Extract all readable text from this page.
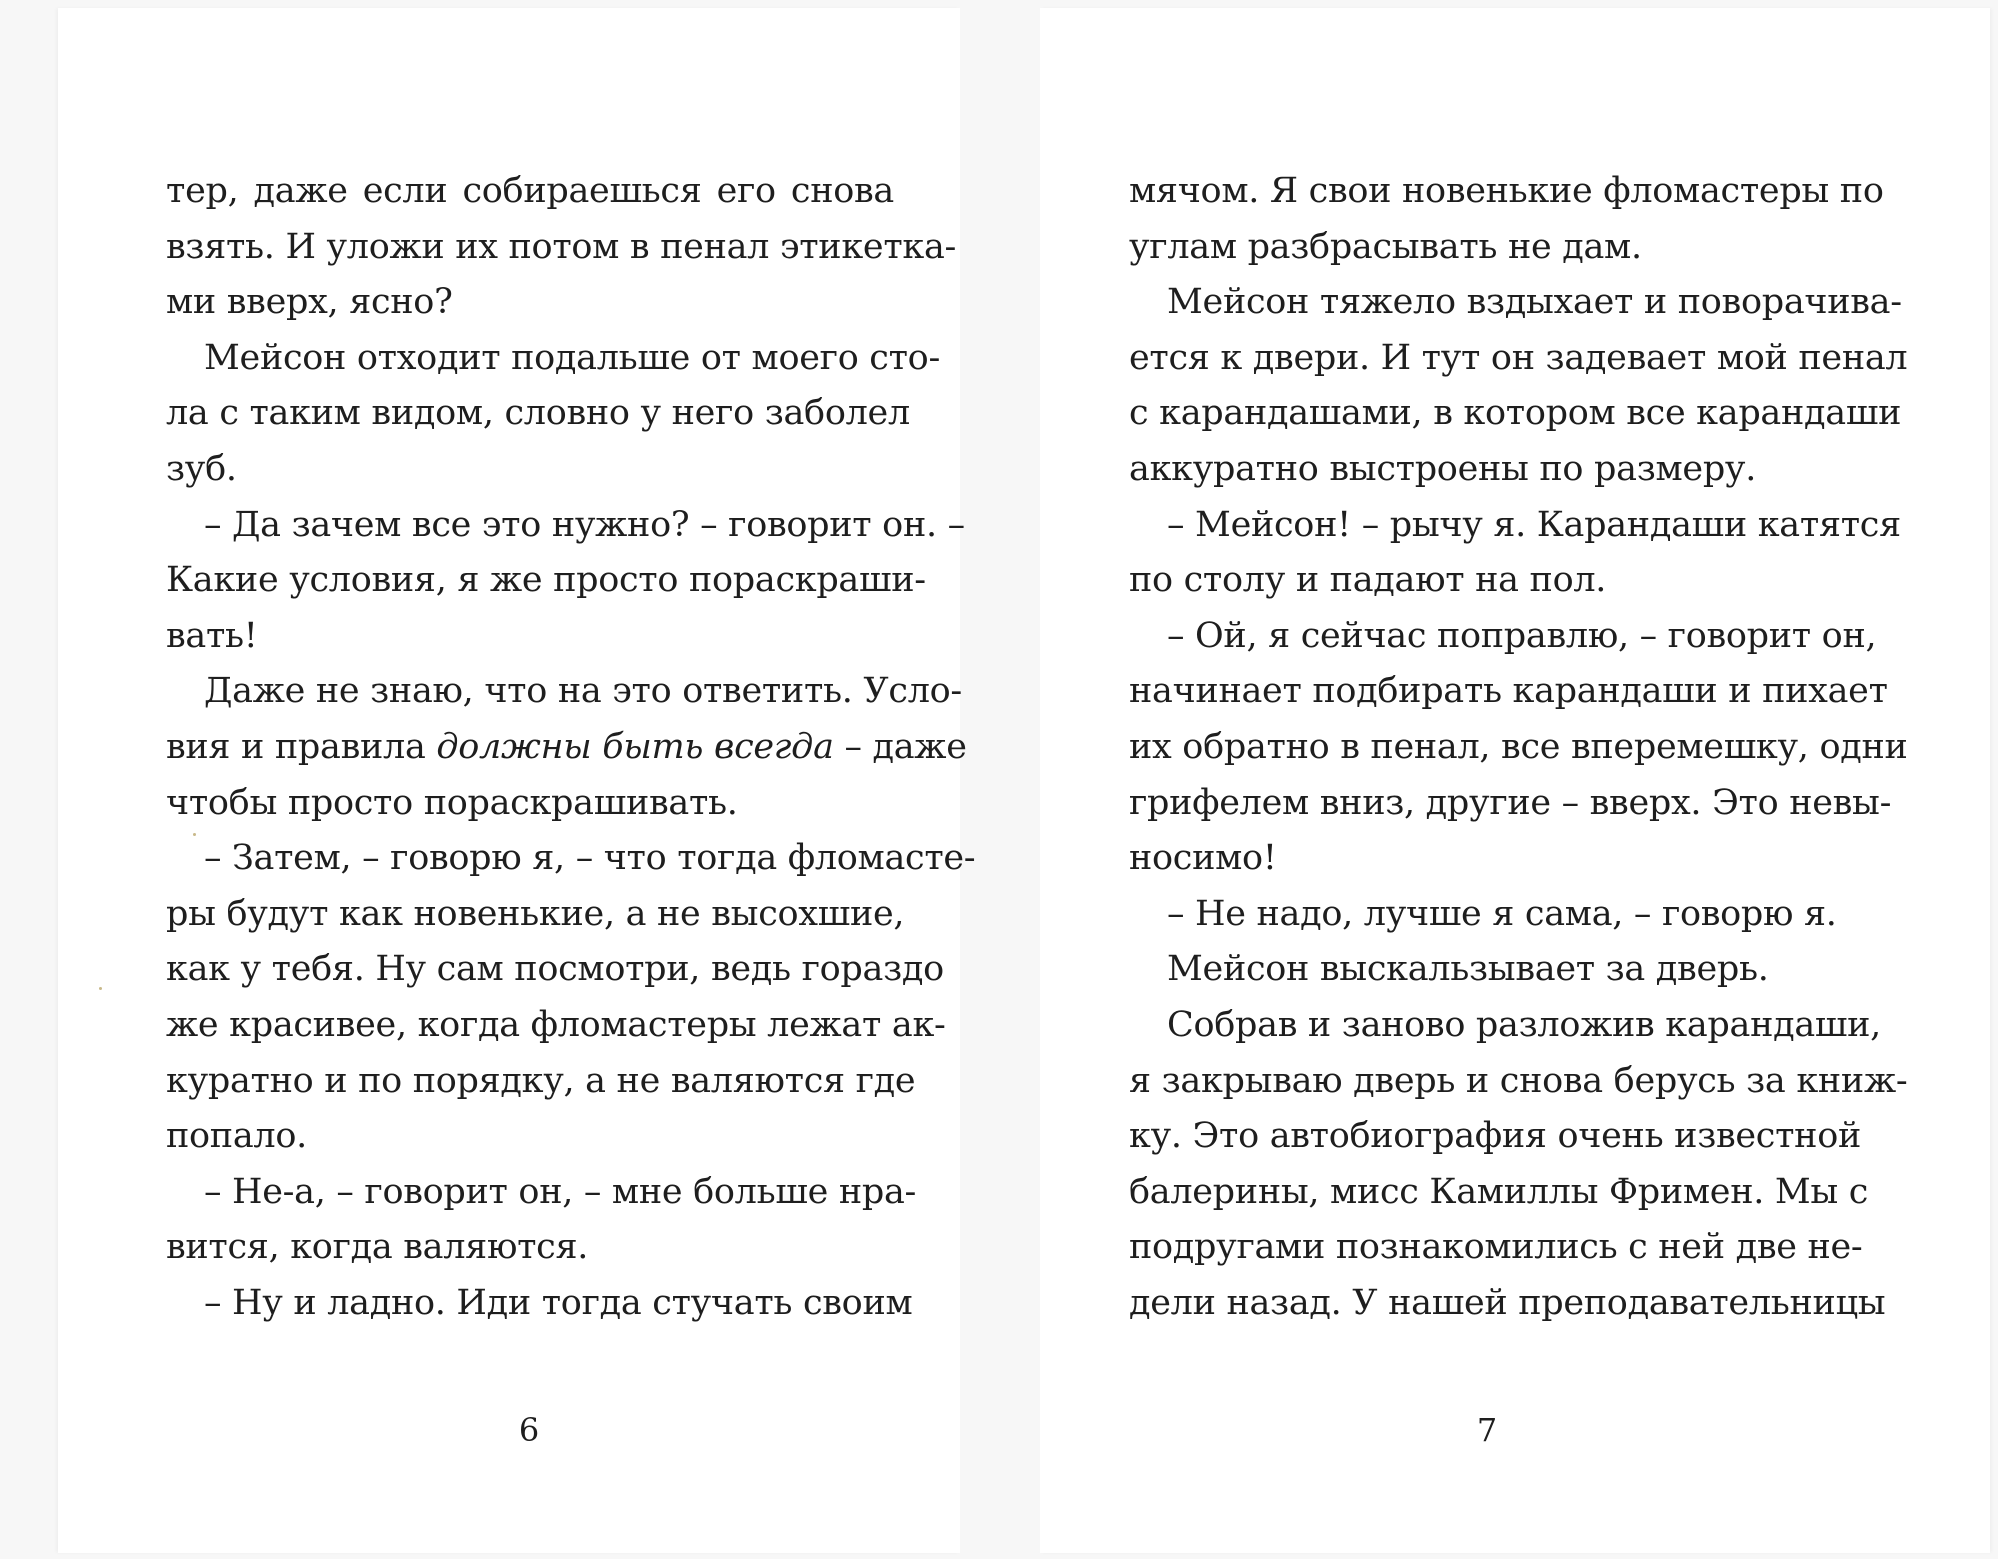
тер, даже если собираешься его снова
взять. И уложи их потом в пенал этикетка-
ми вверх, ясно?
Мейсон отходит подальше от моего сто-
ла с таким видом, словно у него заболел
зуб.
– Да зачем все это нужно? – говорит он. –
Какие условия, я же просто пораскраши-
вать!
Даже не знаю, что на это ответить. Усло-
вия и правила должны быть всегда – даже
чтобы просто пораскрашивать.
– Затем, – говорю я, – что тогда фломасте-
ры будут как новенькие, а не высохшие,
как у тебя. Ну сам посмотри, ведь гораздо
же красивее, когда фломастеры лежат ак-
куратно и по порядку, а не валяются где
попало.
– Не-а, – говорит он, – мне больше нра-
вится, когда валяются.
– Ну и ладно. Иди тогда стучать своим
6
мячом. Я свои новенькие фломастеры по
углам разбрасывать не дам.
Мейсон тяжело вздыхает и поворачива-
ется к двери. И тут он задевает мой пенал
с карандашами, в котором все карандаши
аккуратно выстроены по размеру.
– Мейсон! – рычу я. Карандаши катятся
по столу и падают на пол.
– Ой, я сейчас поправлю, – говорит он,
начинает подбирать карандаши и пихает
их обратно в пенал, все вперемешку, одни
грифелем вниз, другие – вверх. Это невы-
носимо!
– Не надо, лучше я сама, – говорю я.
Мейсон выскальзывает за дверь.
Собрав и заново разложив карандаши,
я закрываю дверь и снова берусь за книж-
ку. Это автобиография очень известной
балерины, мисс Камиллы Фримен. Мы с
подругами познакомились с ней две не-
дели назад. У нашей преподавательницы
7
